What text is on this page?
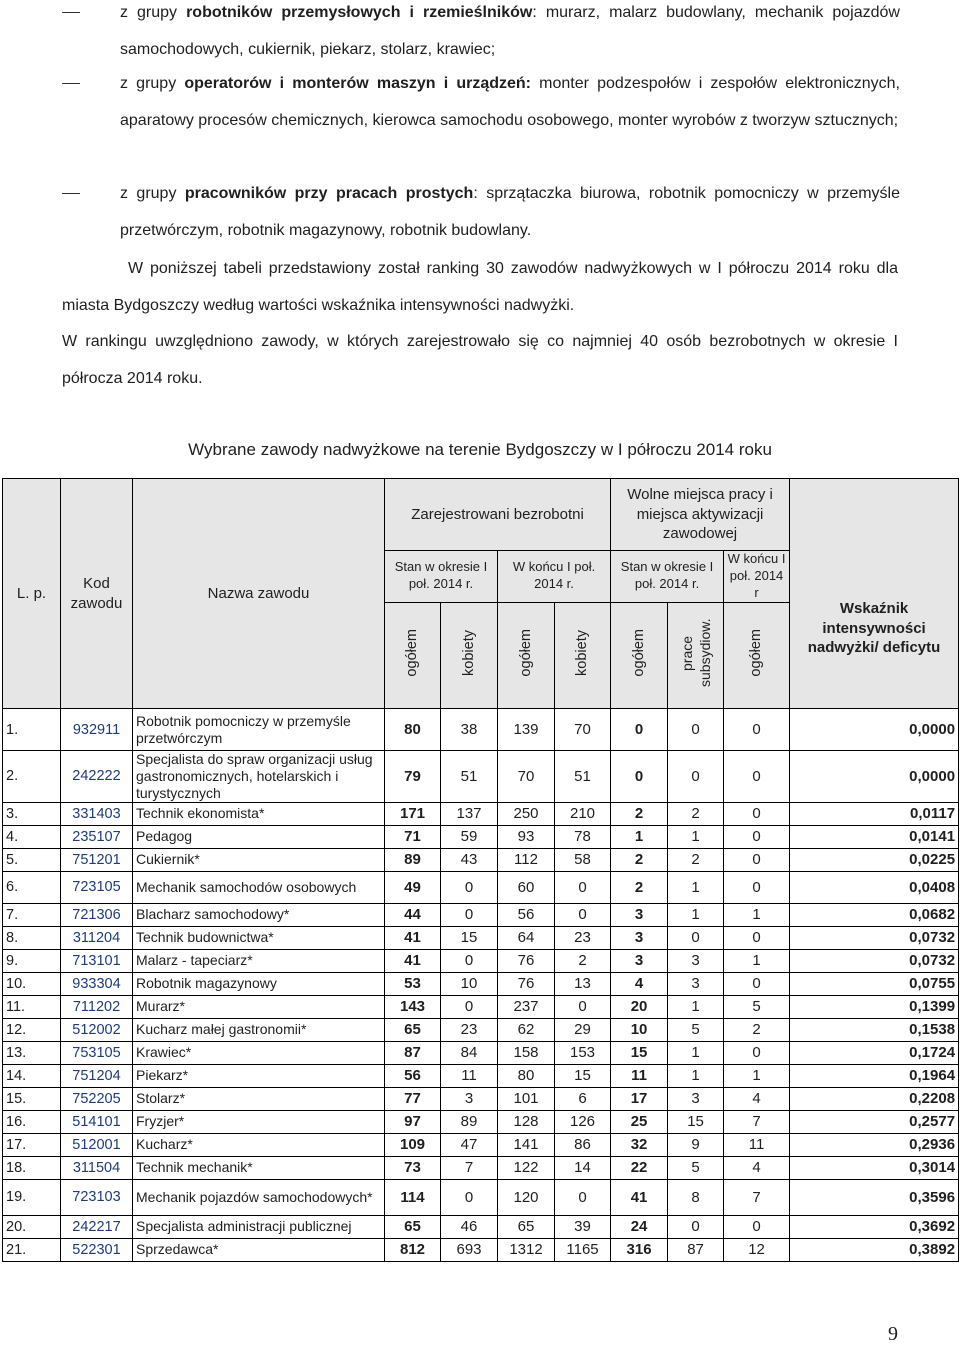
z grupy robotników przemysłowych i rzemieślników: murarz, malarz budowlany, mechanik pojazdów samochodowych, cukiernik, piekarz, stolarz, krawiec;
z grupy operatorów i monterów maszyn i urządzeń: monter podzespołów i zespołów elektronicznych, aparatowy procesów chemicznych, kierowca samochodu osobowego, monter wyrobów z tworzyw sztucznych;
z grupy pracowników przy pracach prostych: sprzątaczka biurowa, robotnik pomocniczy w przemyśle przetwórczym, robotnik magazynowy, robotnik budowlany.
W poniższej tabeli przedstawiony został ranking 30 zawodów nadwyżkowych w I półroczu 2014 roku dla miasta Bydgoszczy według wartości wskaźnika intensywności nadwyżki.
W rankingu uwzględniono zawody, w których zarejestrowało się co najmniej 40 osób bezrobotnych w okresie I półrocza 2014 roku.
Wybrane zawody nadwyżkowe na terenie Bydgoszczy w I półroczu 2014 roku
L. p.	Kod zawodu	Nazwa zawodu	Zarejestrowani bezrobotni				Wolne miejsca pracy i miejsca aktywizacji zawodowej			Wskaźnik intensywności nadwyżki/ deficytu
			Stan w okresie I poł. 2014 r.		W końcu I poł. 2014 r.		Stan w okresie I poł. 2014 r.		W końcu I poł. 2014 r	
			ogółem	kobiety	ogółem	kobiety	ogółem	prace subsydiow.	ogółem	
1.	932911	Robotnik pomocniczy w przemyśle przetwórczym	80	38	139	70	0	0	0	0,0000
2.	242222	Specjalista do spraw organizacji usług gastronomicznych, hotelarskich i turystycznych	79	51	70	51	0	0	0	0,0000
3.	331403	Technik ekonomista*	171	137	250	210	2	2	0	0,0117
4.	235107	Pedagog	71	59	93	78	1	1	0	0,0141
5.	751201	Cukiernik*	89	43	112	58	2	2	0	0,0225
6.	723105	Mechanik samochodów osobowych	49	0	60	0	2	1	0	0,0408
7.	721306	Blacharz samochodowy*	44	0	56	0	3	1	1	0,0682
8.	311204	Technik budownictwa*	41	15	64	23	3	0	0	0,0732
9.	713101	Malarz - tapeciarz*	41	0	76	2	3	3	1	0,0732
10.	933304	Robotnik magazynowy	53	10	76	13	4	3	0	0,0755
11.	711202	Murarz*	143	0	237	0	20	1	5	0,1399
12.	512002	Kucharz małej gastronomii*	65	23	62	29	10	5	2	0,1538
13.	753105	Krawiec*	87	84	158	153	15	1	0	0,1724
14.	751204	Piekarz*	56	11	80	15	11	1	1	0,1964
15.	752205	Stolarz*	77	3	101	6	17	3	4	0,2208
16.	514101	Fryzjer*	97	89	128	126	25	15	7	0,2577
17.	512001	Kucharz*	109	47	141	86	32	9	11	0,2936
18.	311504	Technik mechanik*	73	7	122	14	22	5	4	0,3014
19.	723103	Mechanik pojazdów samochodowych*	114	0	120	0	41	8	7	0,3596
20.	242217	Specjalista administracji publicznej	65	46	65	39	24	0	0	0,3692
21.	522301	Sprzedawca*	812	693	1312	1165	316	87	12	0,3892
9
